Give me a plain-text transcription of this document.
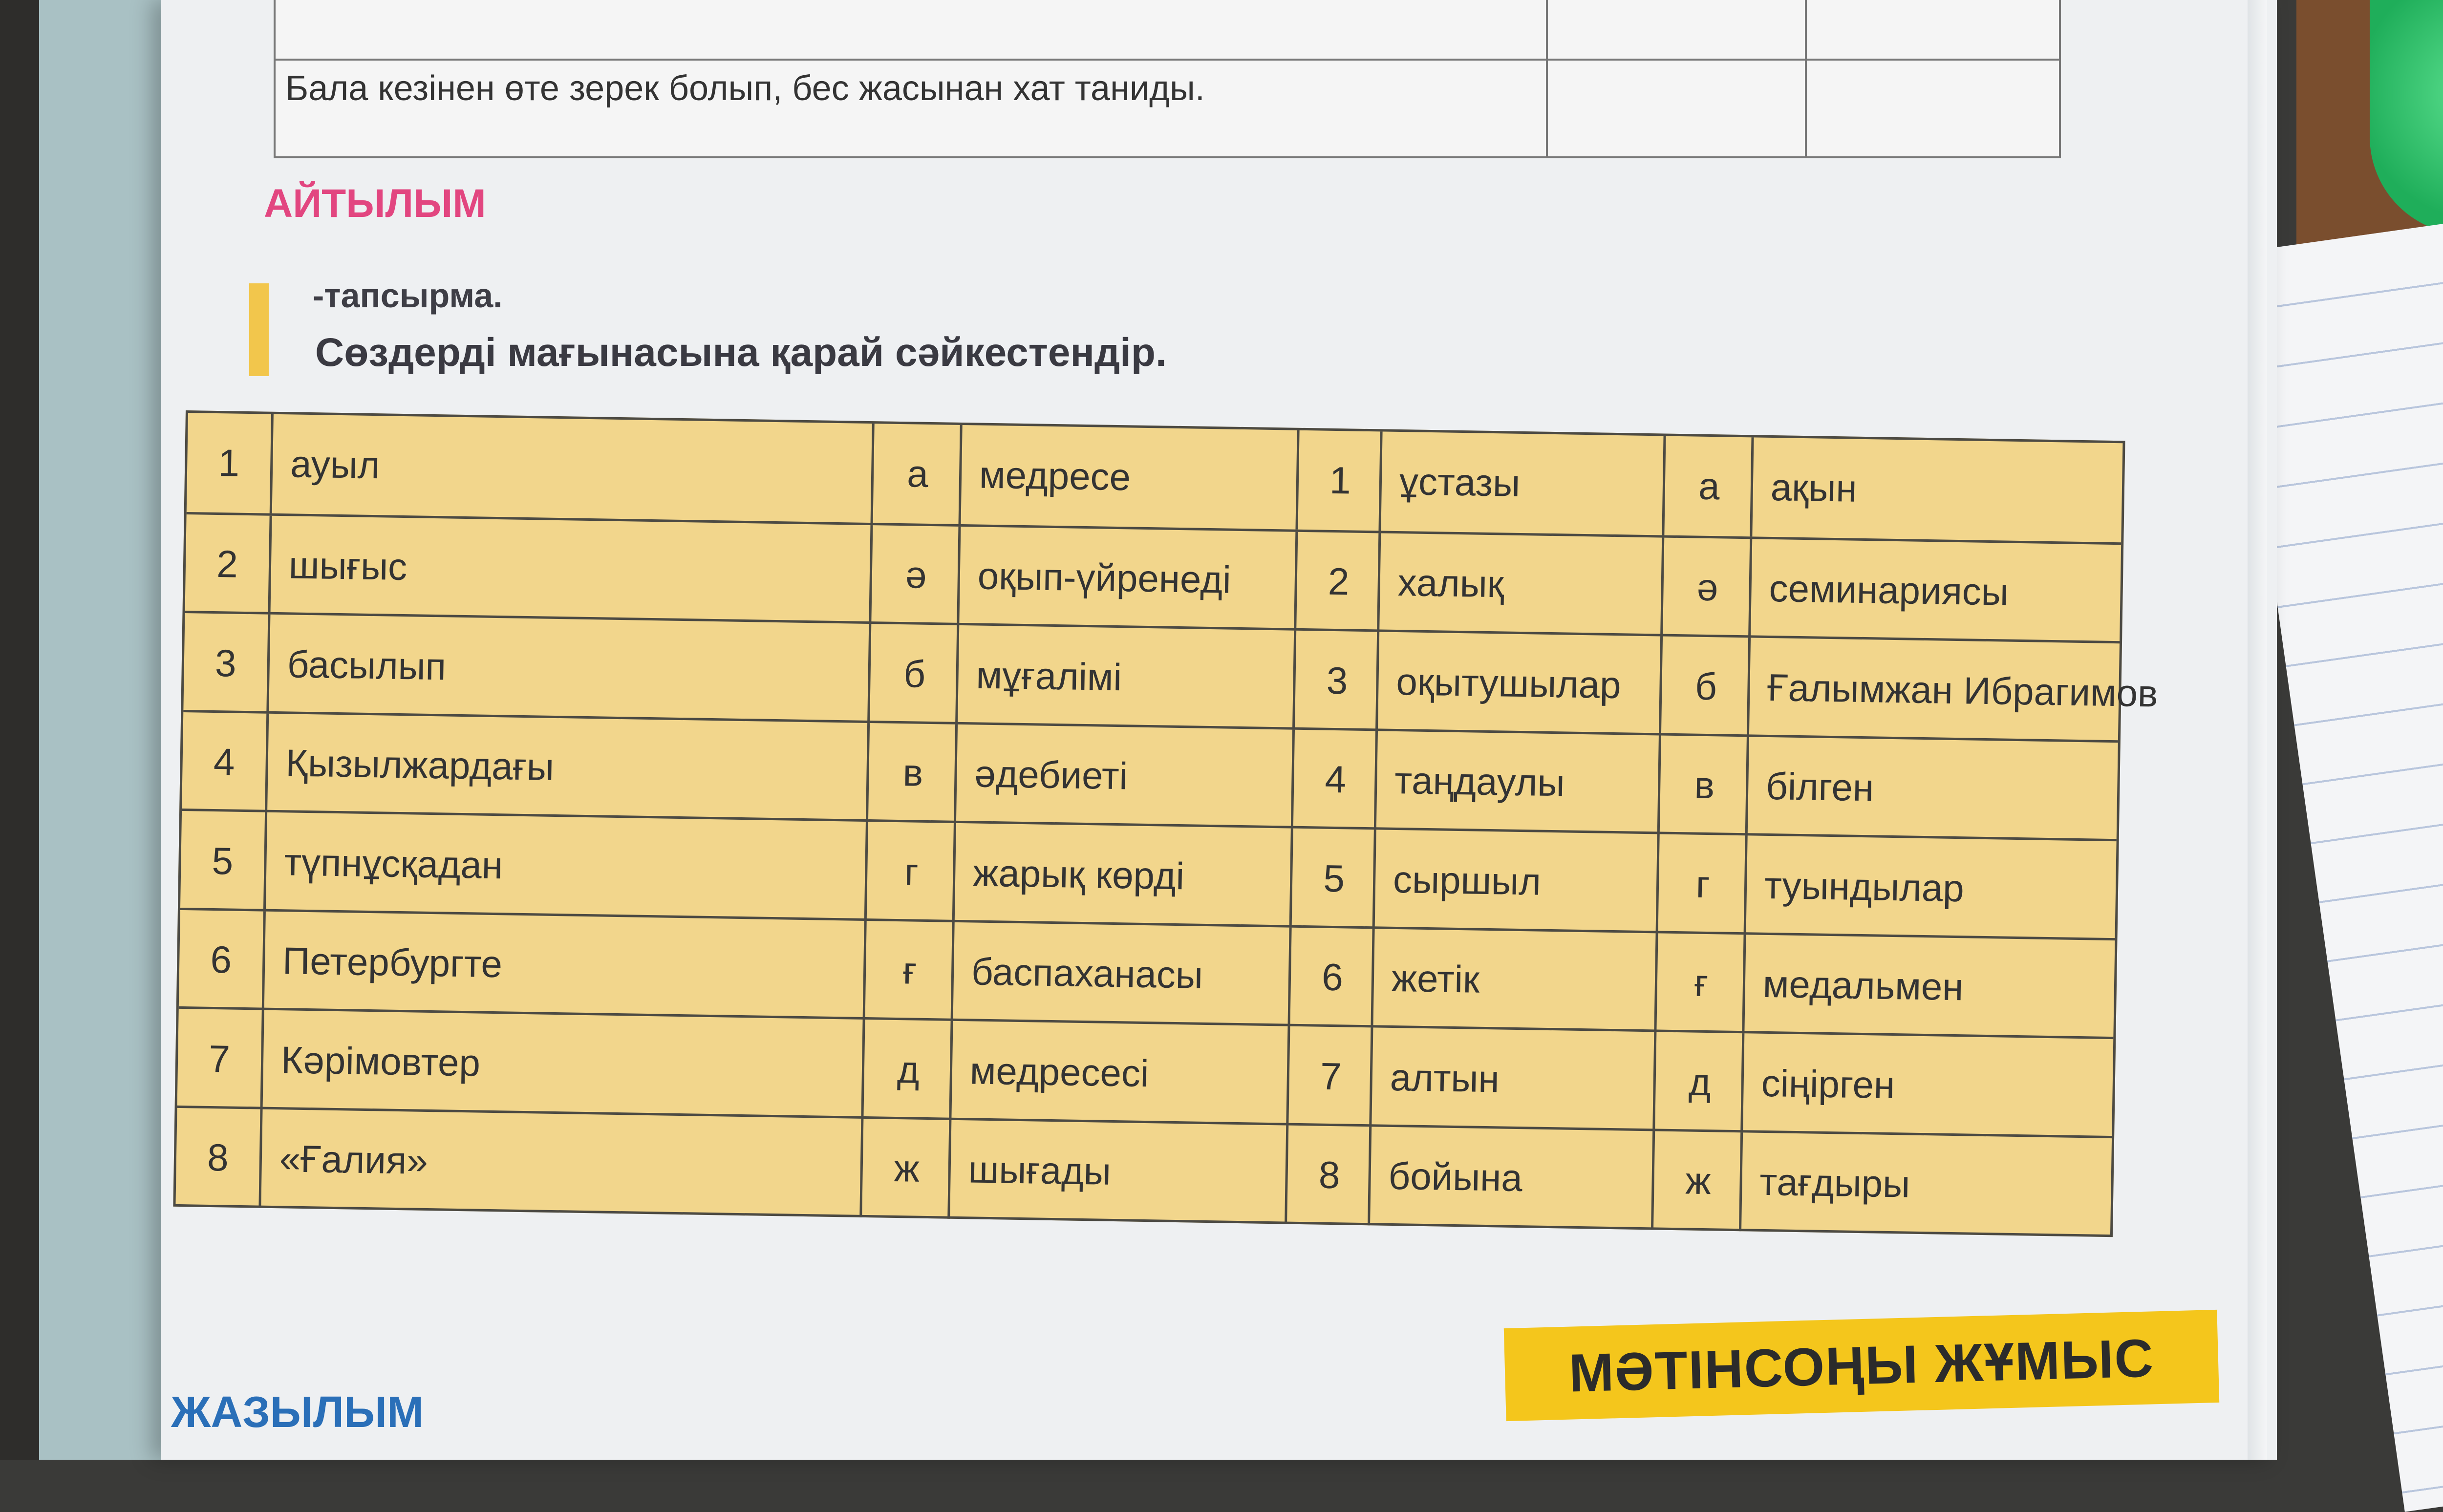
Бала кезінен өте зерек болып, бес жасынан хат таниды.
АЙТЫЛЫМ
-тапсырма.
Сөздерді мағынасына қарай сәйкестендір.
1	ауыл	а	медресе	1	ұстазы	а	ақын
2	шығыс	ә	оқып-үйренеді	2	халық	ә	семинариясы
3	басылып	б	мұғалімі	3	оқытушылар	б	Ғалымжан Ибрагимов
4	Қызылжардағы	в	әдебиеті	4	таңдаулы	в	білген
5	түпнұсқадан	г	жарық көрді	5	сыршыл	г	туындылар
6	Петербургте	ғ	баспаханасы	6	жетік	ғ	медальмен
7	Кәрімовтер	д	медресесі	7	алтын	д	сіңірген
8	«Ғалия»	ж	шығады	8	бойына	ж	тағдыры
ЖАЗЫЛЫМ
МӘТІНСОҢЫ ЖҰМЫС
